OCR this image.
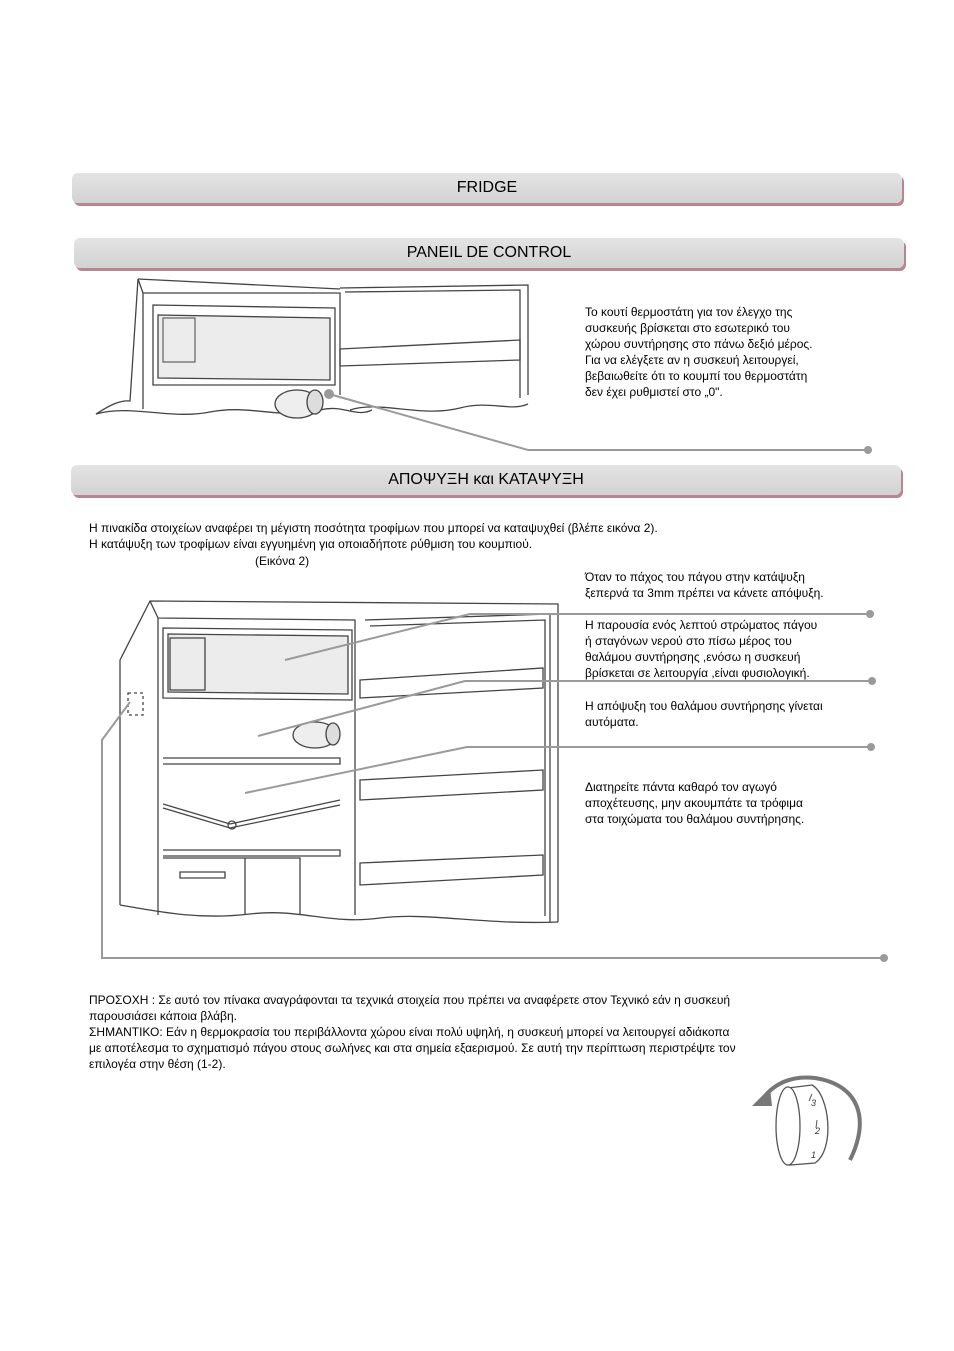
FRIDGE
PANEIL DE CONTROL
ΑΠΟΨΥΞΗ και ΚΑΤΑΨΥΞΗ
Το κουτί θερμοστάτη για τον έλεγχο της
συσκευής βρίσκεται στο εσωτερικό του
χώρου συντήρησης στο πάνω δεξιό μέρος.
Για να ελέγξετε αν η συσκευή λειτουργεί,
βεβαιωθείτε ότι το κουμπί του θερμοστάτη
δεν έχει ρυθμιστεί στο „0".
Η πινακίδα στοιχείων αναφέρει τη μέγιστη ποσότητα τροφίμων που μπορεί να καταψυχθεί (βλέπε εικόνα 2).
Η κατάψυξη των τροφίμων είναι εγγυημένη για οποιαδήποτε ρύθμιση του κουμπιού.
(Εικόνα 2)
Όταν το πάχος του πάγου στην κατάψυξη
ξεπερνά τα 3mm πρέπει να κάνετε απόψυξη.
Η παρουσία ενός λεπτού στρώματος πάγου
ή σταγόνων νερού στο πίσω μέρος του
θαλάμου συντήρησης ,ενόσω η συσκευή
βρίσκεται σε λειτουργία ,είναι φυσιολογική.
Η απόψυξη του θαλάμου συντήρησης γίνεται
αυτόματα.
Διατηρείτε πάντα καθαρό τον αγωγό
αποχέτευσης, μην ακουμπάτε τα τρόφιμα
στα τοιχώματα του θαλάμου συντήρησης.
ΠΡΟΣΟΧΗ : Σε αυτό τον πίνακα αναγράφονται τα τεχνικά στοιχεία που πρέπει να αναφέρετε στον Τεχνικό εάν η συσκευή
παρουσιάσει κάποια βλάβη.
ΣΗΜΑΝΤΙΚΟ: Εάν η θερμοκρασία του περιβάλλοντα χώρου είναι πολύ υψηλή, η συσκευή μπορεί να λειτουργεί αδιάκοπα
με αποτέλεσμα το σχηματισμό πάγου στους σωλήνες και στα σημεία εξαερισμού. Σε αυτή την περίπτωση περιστρέψτε τον
επιλογέα στην θέση (1-2).
3
2
1
